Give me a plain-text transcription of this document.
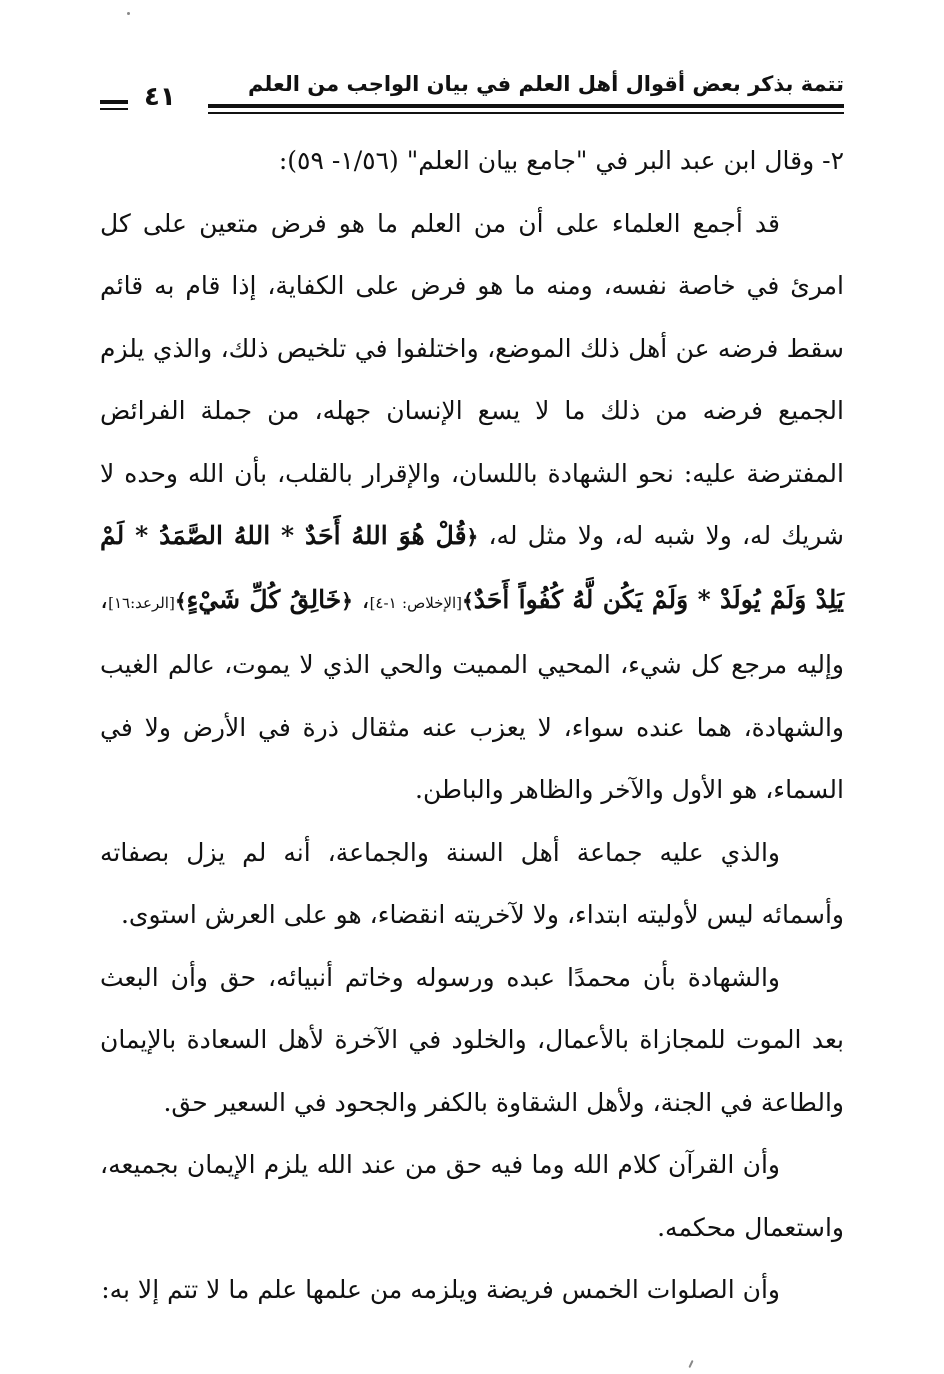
تتمة بذكر بعض أقوال أهل العلم في بيان الواجب من العلم
٤١

٢- وقال ابن عبد البر في "جامع بيان العلم" (١/٥٦- ٥٩):

قد أجمع العلماء على أن من العلم ما هو فرض متعين على كل امرئ في خاصة نفسه، ومنه ما هو فرض على الكفاية، إذا قام به قائم سقط فرضه عن أهل ذلك الموضع، واختلفوا في تلخيص ذلك، والذي يلزم الجميع فرضه من ذلك ما لا يسع الإنسان جهله، من جملة الفرائض المفترضة عليه: نحو الشهادة باللسان، والإقرار بالقلب، بأن الله وحده لا شريك له، ولا شبه له، ولا مثل له، ﴿قُلْ هُوَ اللهُ أَحَدٌ * اللهُ الصَّمَدُ * لَمْ يَلِدْ وَلَمْ يُولَدْ * وَلَمْ يَكُن لَّهُ كُفُواً أَحَدٌ﴾[الإخلاص: ١-٤]، ﴿خَالِقُ كُلِّ شَيْءٍ﴾[الرعد:١٦]، وإليه مرجع كل شيء، المحيي المميت والحي الذي لا يموت، عالم الغيب والشهادة، هما عنده سواء، لا يعزب عنه مثقال ذرة في الأرض ولا في السماء، هو الأول والآخر والظاهر والباطن.

والذي عليه جماعة أهل السنة والجماعة، أنه لم يزل بصفاته وأسمائه ليس لأوليته ابتداء، ولا لآخريته انقضاء، هو على العرش استوى.

والشهادة بأن محمدًا عبده ورسوله وخاتم أنبيائه، حق وأن البعث بعد الموت للمجازاة بالأعمال، والخلود في الآخرة لأهل السعادة بالإيمان والطاعة في الجنة، ولأهل الشقاوة بالكفر والجحود في السعير حق.

وأن القرآن كلام الله وما فيه حق من عند الله يلزم الإيمان بجميعه، واستعمال محكمه.

وأن الصلوات الخمس فريضة ويلزمه من علمها علم ما لا تتم إلا به:
